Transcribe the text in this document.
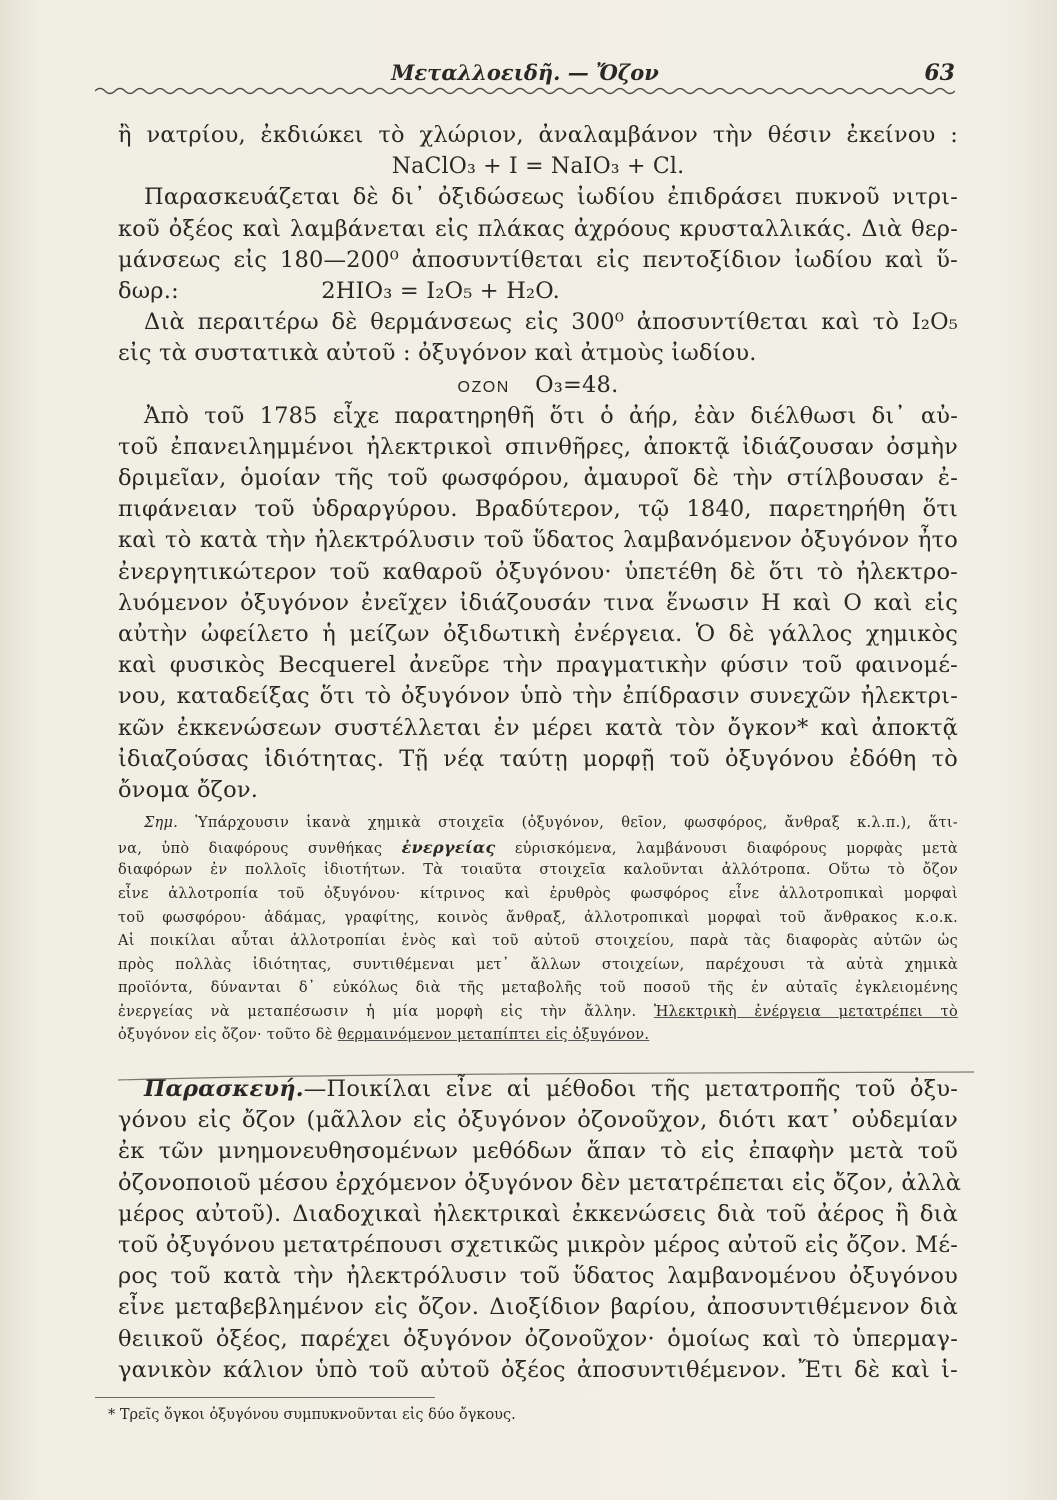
Μεταλλοειδῆ. — Ὄζον	63
ἢ νατρίου, ἐκδιώκει τὸ χλώριον, ἀναλαμβάνον τὴν θέσιν ἐκείνου :
NaClO₃ + I = NaIO₃ + Cl.
Παρασκευάζεται δὲ δι᾽ ὀξιδώσεως ἰωδίου ἐπιδράσει πυκνοῦ νιτρι-
κοῦ ὀξέος καὶ λαμβάνεται εἰς πλάκας ἀχρόους κρυσταλλικάς. Διὰ θερ-
μάνσεως εἰς 180—200⁰ ἀποσυντίθεται εἰς πεντοξίδιον ἰωδίου καὶ ὕ-
δωρ.:	2HIO₃ = I₂O₅ + H₂O.
Διὰ περαιτέρω δὲ θερμάνσεως εἰς 300⁰ ἀποσυντίθεται καὶ τὸ I₂O₅
εἰς τὰ συστατικὰ αὐτοῦ : ὀξυγόνον καὶ ἀτμοὺς ἰωδίου.
OZON O₃=48.
Ἀπὸ τοῦ 1785 εἶχε παρατηρηθῆ ὅτι ὁ ἀήρ, ἐὰν διέλθωσι δι᾽ αὐ-
τοῦ ἐπανειλημμένοι ἠλεκτρικοὶ σπινθῆρες, ἀποκτᾷ ἰδιάζουσαν ὀσμὴν
δριμεῖαν, ὁμοίαν τῆς τοῦ φωσφόρου, ἀμαυροῖ δὲ τὴν στίλβουσαν ἐ-
πιφάνειαν τοῦ ὑδραργύρου. Βραδύτερον, τῷ 1840, παρετηρήθη ὅτι
καὶ τὸ κατὰ τὴν ἠλεκτρόλυσιν τοῦ ὕδατος λαμβανόμενον ὀξυγόνον ἦτο
ἐνεργητικώτερον τοῦ καθαροῦ ὀξυγόνου· ὑπετέθη δὲ ὅτι τὸ ἠλεκτρο-
λυόμενον ὀξυγόνον ἐνεῖχεν ἰδιάζουσάν τινα ἕνωσιν H καὶ O καὶ εἰς
αὐτὴν ὠφείλετο ἡ μείζων ὀξιδωτικὴ ἐνέργεια. Ὁ δὲ γάλλος χημικὸς
καὶ φυσικὸς Becquerel ἀνεῦρε τὴν πραγματικὴν φύσιν τοῦ φαινομέ-
νου, καταδείξας ὅτι τὸ ὀξυγόνον ὑπὸ τὴν ἐπίδρασιν συνεχῶν ἠλεκτρι-
κῶν ἐκκενώσεων συστέλλεται ἐν μέρει κατὰ τὸν ὄγκον* καὶ ἀποκτᾷ
ἰδιαζούσας ἰδιότητας. Τῇ νέᾳ ταύτῃ μορφῇ τοῦ ὀξυγόνου ἐδόθη τὸ
ὄνομα ὄζον.
Σημ. Ὑπάρχουσιν ἱκανὰ χημικὰ στοιχεῖα (ὀξυγόνον, θεῖον, φωσφόρος, ἄνθραξ κ.λ.π.), ἅτι-
να, ὑπὸ διαφόρους συνθήκας ἐνεργείας εὑρισκόμενα, λαμβάνουσι διαφόρους μορφὰς μετὰ
διαφόρων ἐν πολλοῖς ἰδιοτήτων. Τὰ τοιαῦτα στοιχεῖα καλοῦνται ἀλλότροπα. Οὕτω τὸ ὄζον
εἶνε ἀλλοτροπία τοῦ ὀξυγόνου· κίτρινος καὶ ἐρυθρὸς φωσφόρος εἶνε ἀλλοτροπικαὶ μορφαὶ
τοῦ φωσφόρου· ἀδάμας, γραφίτης, κοινὸς ἄνθραξ, ἀλλοτροπικαὶ μορφαὶ τοῦ ἄνθρακος κ.ο.κ.
Αἱ ποικίλαι αὗται ἀλλοτροπίαι ἑνὸς καὶ τοῦ αὐτοῦ στοιχείου, παρὰ τὰς διαφορὰς αὐτῶν ὡς
πρὸς πολλὰς ἰδιότητας, συντιθέμεναι μετ᾽ ἄλλων στοιχείων, παρέχουσι τὰ αὐτὰ χημικὰ
προϊόντα, δύνανται δ᾽ εὐκόλως διὰ τῆς μεταβολῆς τοῦ ποσοῦ τῆς ἐν αὐταῖς ἐγκλειομένης
ἐνεργείας νὰ μεταπέσωσιν ἡ μία μορφὴ εἰς τὴν ἄλλην. Ἠλεκτρικὴ ἐνέργεια μετατρέπει τὸ
ὀξυγόνον εἰς ὄζον· τοῦτο δὲ θερμαινόμενον μεταπίπτει εἰς ὀξυγόνον.
Παρασκευή.—Ποικίλαι εἶνε αἱ μέθοδοι τῆς μετατροπῆς τοῦ ὀξυ-
γόνου εἰς ὄζον (μᾶλλον εἰς ὀξυγόνον ὀζονοῦχον, διότι κατ᾽ οὐδεμίαν
ἐκ τῶν μνημονευθησομένων μεθόδων ἅπαν τὸ εἰς ἐπαφὴν μετὰ τοῦ
ὀζονοποιοῦ μέσου ἐρχόμενον ὀξυγόνον δὲν μετατρέπεται εἰς ὄζον, ἀλλὰ
μέρος αὐτοῦ). Διαδοχικαὶ ἠλεκτρικαὶ ἐκκενώσεις διὰ τοῦ ἀέρος ἢ διὰ
τοῦ ὀξυγόνου μετατρέπουσι σχετικῶς μικρὸν μέρος αὐτοῦ εἰς ὄζον. Μέ-
ρος τοῦ κατὰ τὴν ἠλεκτρόλυσιν τοῦ ὕδατος λαμβανομένου ὀξυγόνου
εἶνε μεταβεβλημένον εἰς ὄζον. Διοξίδιον βαρίου, ἀποσυντιθέμενον διὰ
θειικοῦ ὀξέος, παρέχει ὀξυγόνον ὀζονοῦχον· ὁμοίως καὶ τὸ ὑπερμαγ-
γανικὸν κάλιον ὑπὸ τοῦ αὐτοῦ ὀξέος ἀποσυντιθέμενον. Ἔτι δὲ καὶ ἱ-
* Τρεῖς ὄγκοι ὀξυγόνου συμπυκνοῦνται εἰς δύο ὄγκους.
